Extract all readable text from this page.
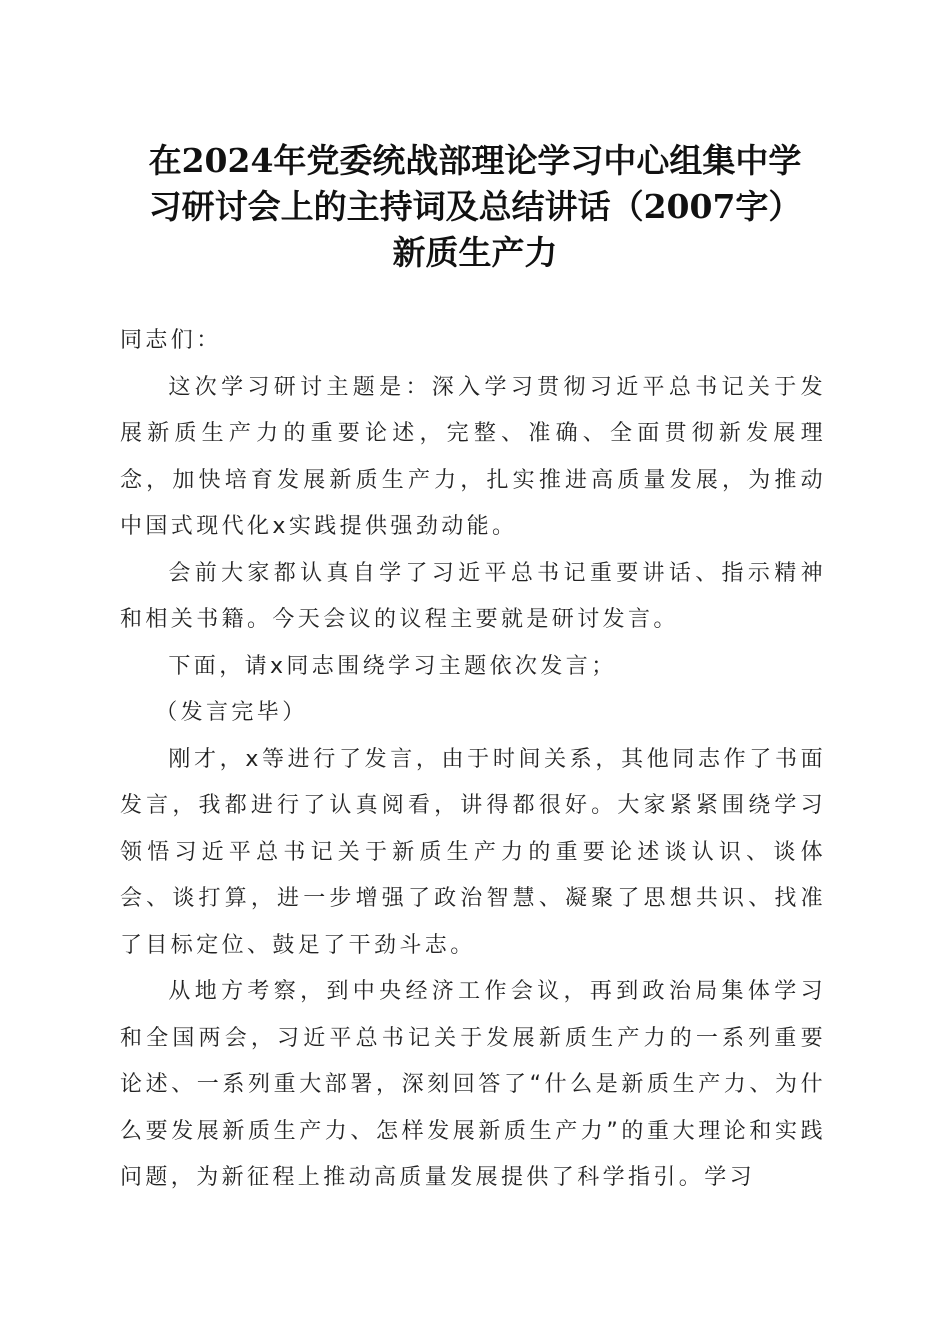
在2024年党委统战部理论学习中心组集中学
习研讨会上的主持词及总结讲话（2007字）
新质生产力

同志们：

这次学习研讨主题是：深入学习贯彻习近平总书记关于发展新质生产力的重要论述，完整、准确、全面贯彻新发展理念，加快培育发展新质生产力，扎实推进高质量发展，为推动中国式现代化x实践提供强劲动能。

会前大家都认真自学了习近平总书记重要讲话、指示精神和相关书籍。今天会议的议程主要就是研讨发言。

下面，请x同志围绕学习主题依次发言；

（发言完毕）

刚才，x等进行了发言，由于时间关系，其他同志作了书面发言，我都进行了认真阅看，讲得都很好。大家紧紧围绕学习领悟习近平总书记关于新质生产力的重要论述谈认识、谈体会、谈打算，进一步增强了政治智慧、凝聚了思想共识、找准了目标定位、鼓足了干劲斗志。

从地方考察，到中央经济工作会议，再到政治局集体学习和全国两会，习近平总书记关于发展新质生产力的一系列重要论述、一系列重大部署，深刻回答了“什么是新质生产力、为什么要发展新质生产力、怎样发展新质生产力”的重大理论和实践问题，为新征程上推动高质量发展提供了科学指引。学习
